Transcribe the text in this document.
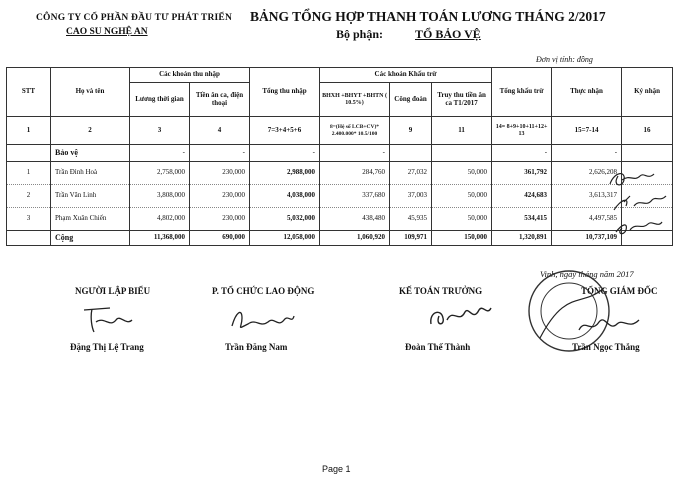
CÔNG TY CỔ PHẦN ĐẦU TƯ PHÁT TRIỂN
CAO SU NGHỆ AN
BẢNG TỔNG HỢP THANH TOÁN LƯƠNG THÁNG 2/2017
Bộ phận:	TỔ BẢO VỆ
Đơn vị tính: đồng
STT	Họ và tên	Các khoản thu nhập		Tổng thu nhập	Các khoản Khấu trừ			Tổng khấu trừ	Thực nhận	Ký nhận
		Lương thời gian	Tiền ăn ca, điện thoại		BHXH +BHYT +BHTN ( 10.5%)	Công đoàn	Truy thu tiền ăn ca T1/2017			
1	2	3	4	7=3+4+5+6	8=(Hệ số LCB+CV)* 2.400.000* 10.5/100	9	11	14= 8+9+10+11+12+ 13	15=7-14	16
	Bảo vệ	-	-	-	-			-	-	
1	Trần Đình Hoà	2,758,000	230,000	2,988,000	284,760	27,032	50,000	361,792	2,626,208	
2	Trần Văn Linh	3,808,000	230,000	4,038,000	337,680	37,003	50,000	424,683	3,613,317	
3	Phạm Xuân Chiến	4,802,000	230,000	5,032,000	438,480	45,935	50,000	534,415	4,497,585	
	Cộng	11,368,000	690,000	12,058,000	1,060,920	109,971	150,000	1,320,891	10,737,109	
Vinh, ngày tháng năm 2017
NGƯỜI LẬP BIỂU	P. TỔ CHỨC LAO ĐỘNG	KẾ TOÁN TRƯỞNG	TỔNG GIÁM ĐỐC
Đặng Thị Lệ Trang	Trần Đăng Nam	Đoàn Thế Thành	Trần Ngọc Thắng
Page 1
